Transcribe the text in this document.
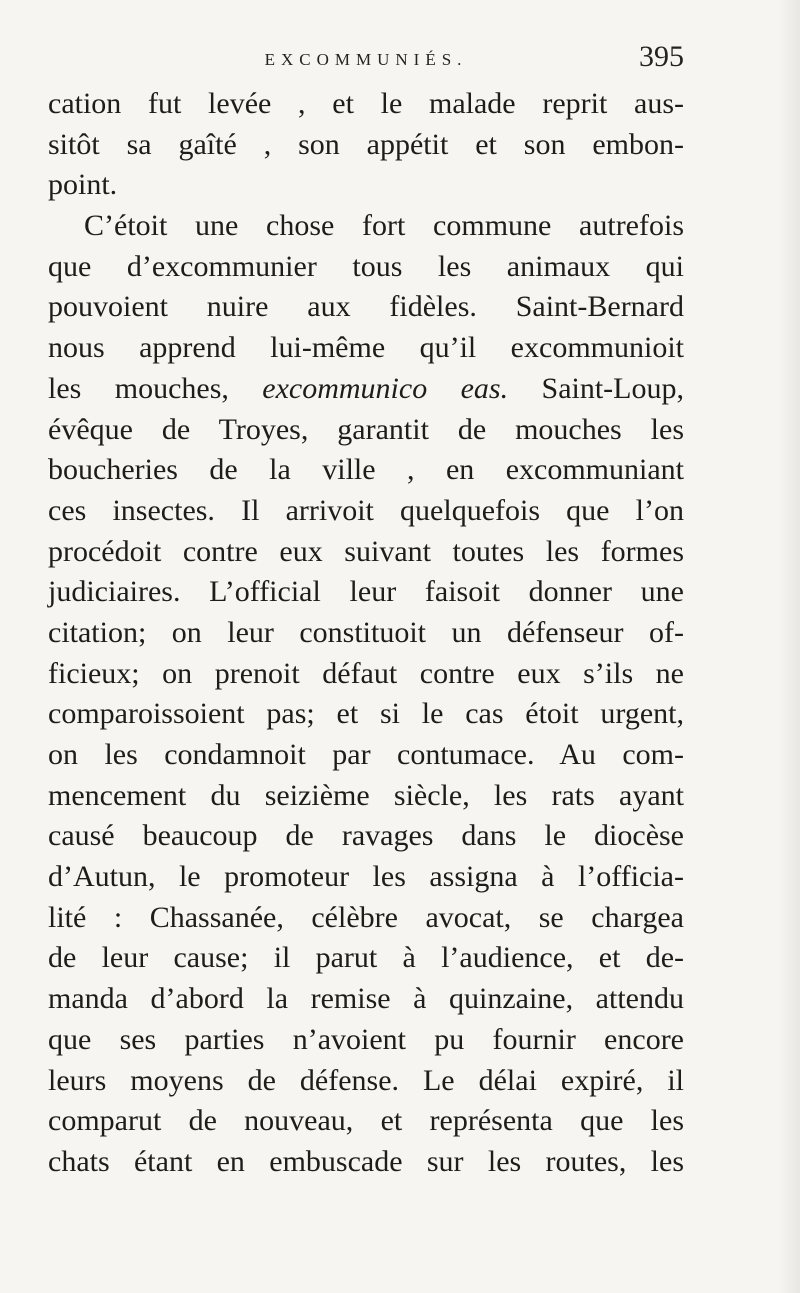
EXCOMMUNIÉS.	395
cation fut levée , et le malade reprit aus-
sitôt sa gaîté , son appétit et son embon-
point.
C’étoit une chose fort commune autrefois
que d’excommunier tous les animaux qui
pouvoient nuire aux fidèles. Saint-Bernard
nous apprend lui-même qu’il excommunioit
les mouches, excommunico eas. Saint-Loup,
évêque de Troyes, garantit de mouches les
boucheries de la ville , en excommuniant
ces insectes. Il arrivoit quelquefois que l’on
procédoit contre eux suivant toutes les formes
judiciaires. L’official leur faisoit donner une
citation; on leur constituoit un défenseur of-
ficieux; on prenoit défaut contre eux s’ils ne
comparoissoient pas; et si le cas étoit urgent,
on les condamnoit par contumace. Au com-
mencement du seizième siècle, les rats ayant
causé beaucoup de ravages dans le diocèse
d’Autun, le promoteur les assigna à l’officia-
lité : Chassanée, célèbre avocat, se chargea
de leur cause; il parut à l’audience, et de-
manda d’abord la remise à quinzaine, attendu
que ses parties n’avoient pu fournir encore
leurs moyens de défense. Le délai expiré, il
comparut de nouveau, et représenta que les
chats étant en embuscade sur les routes, les
